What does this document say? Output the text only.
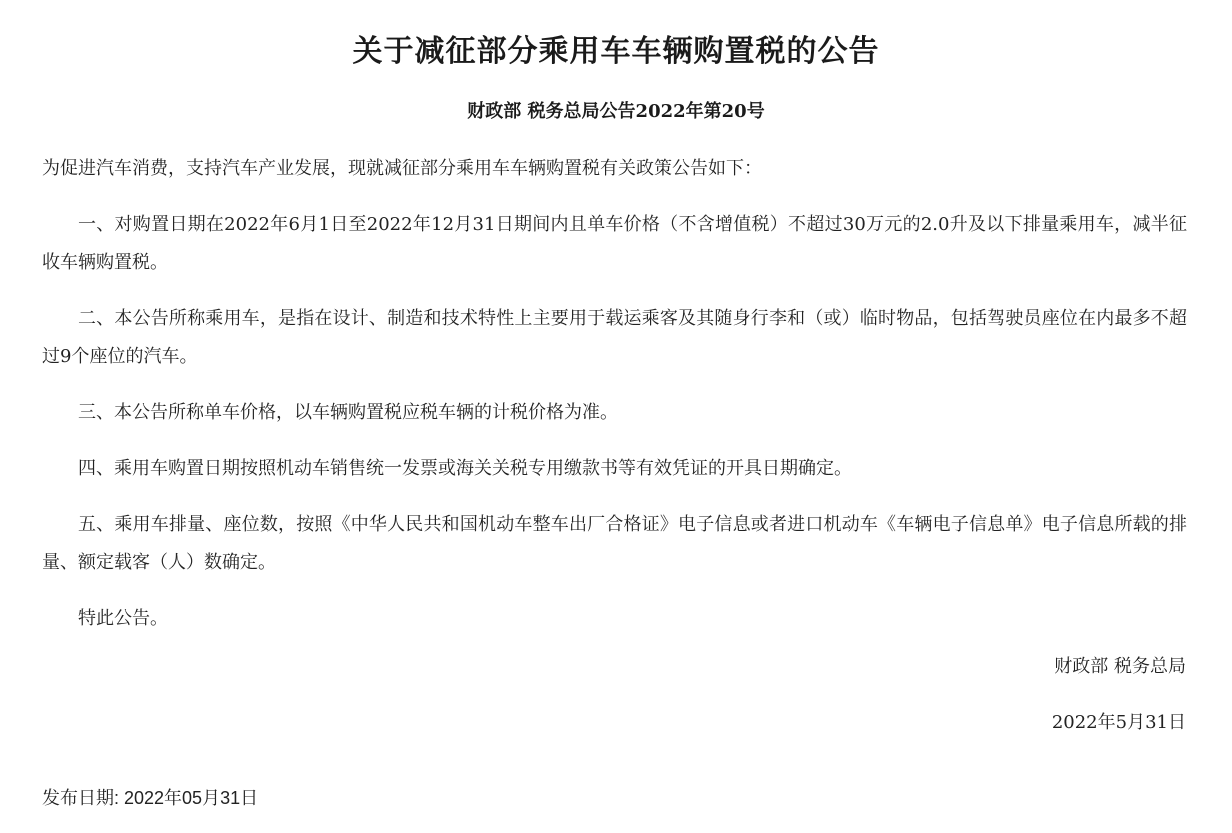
关于减征部分乘用车车辆购置税的公告
财政部 税务总局公告2022年第20号

为促进汽车消费，支持汽车产业发展，现就减征部分乘用车车辆购置税有关政策公告如下：

一、对购置日期在2022年6月1日至2022年12月31日期间内且单车价格（不含增值税）不超过30万元的2.0升及以下排量乘用车，减半征收车辆购置税。

二、本公告所称乘用车，是指在设计、制造和技术特性上主要用于载运乘客及其随身行李和（或）临时物品，包括驾驶员座位在内最多不超过9个座位的汽车。

三、本公告所称单车价格，以车辆购置税应税车辆的计税价格为准。

四、乘用车购置日期按照机动车销售统一发票或海关关税专用缴款书等有效凭证的开具日期确定。

五、乘用车排量、座位数，按照《中华人民共和国机动车整车出厂合格证》电子信息或者进口机动车《车辆电子信息单》电子信息所载的排量、额定载客（人）数确定。

特此公告。

财政部 税务总局
2022年5月31日
发布日期: 2022年05月31日
